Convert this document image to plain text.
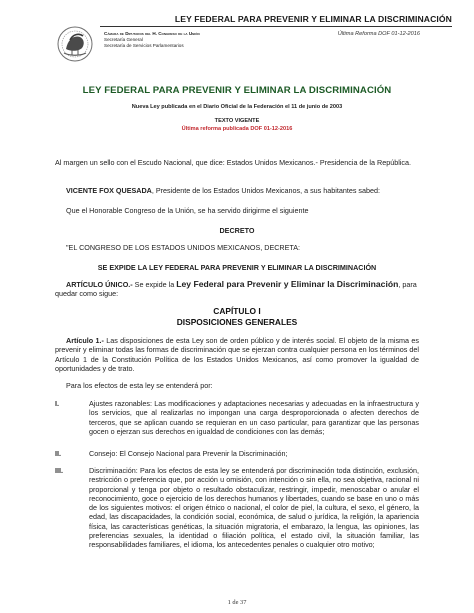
LEY FEDERAL PARA PREVENIR Y ELIMINAR LA DISCRIMINACIÓN
Cámara de Diputados del H. Congreso de la Unión
Secretaría General
Secretaría de Servicios Parlamentarios
Última Reforma DOF 01-12-2016
LEY FEDERAL PARA PREVENIR Y ELIMINAR LA DISCRIMINACIÓN
Nueva Ley publicada en el Diario Oficial de la Federación el 11 de junio de 2003
TEXTO VIGENTE
Última reforma publicada DOF 01-12-2016
Al margen un sello con el Escudo Nacional, que dice: Estados Unidos Mexicanos.- Presidencia de la República.
VICENTE FOX QUESADA, Presidente de los Estados Unidos Mexicanos, a sus habitantes sabed:
Que el Honorable Congreso de la Unión, se ha servido dirigirme el siguiente
DECRETO
"EL CONGRESO DE LOS ESTADOS UNIDOS MEXICANOS, DECRETA:
SE EXPIDE LA LEY FEDERAL PARA PREVENIR Y ELIMINAR LA DISCRIMINACIÓN
ARTÍCULO ÚNICO.- Se expide la Ley Federal para Prevenir y Eliminar la Discriminación, para quedar como sigue:
CAPÍTULO I
DISPOSICIONES GENERALES
Artículo 1.- Las disposiciones de esta Ley son de orden público y de interés social. El objeto de la misma es prevenir y eliminar todas las formas de discriminación que se ejerzan contra cualquier persona en los términos del Artículo 1 de la Constitución Política de los Estados Unidos Mexicanos, así como promover la igualdad de oportunidades y de trato.
Para los efectos de esta ley se entenderá por:
I.	Ajustes razonables: Las modificaciones y adaptaciones necesarias y adecuadas en la infraestructura y los servicios, que al realizarlas no impongan una carga desproporcionada o afecten derechos de terceros, que se aplican cuando se requieran en un caso particular, para garantizar que las personas gocen o ejerzan sus derechos en igualdad de condiciones con las demás;
II.	Consejo: El Consejo Nacional para Prevenir la Discriminación;
III.	Discriminación: Para los efectos de esta ley se entenderá por discriminación toda distinción, exclusión, restricción o preferencia que, por acción u omisión, con intención o sin ella, no sea objetiva, racional ni proporcional y tenga por objeto o resultado obstaculizar, restringir, impedir, menoscabar o anular el reconocimiento, goce o ejercicio de los derechos humanos y libertades, cuando se base en uno o más de los siguientes motivos: el origen étnico o nacional, el color de piel, la cultura, el sexo, el género, la edad, las discapacidades, la condición social, económica, de salud o jurídica, la religión, la apariencia física, las características genéticas, la situación migratoria, el embarazo, la lengua, las opiniones, las preferencias sexuales, la identidad o filiación política, el estado civil, la situación familiar, las responsabilidades familiares, el idioma, los antecedentes penales o cualquier otro motivo;
1 de 37
